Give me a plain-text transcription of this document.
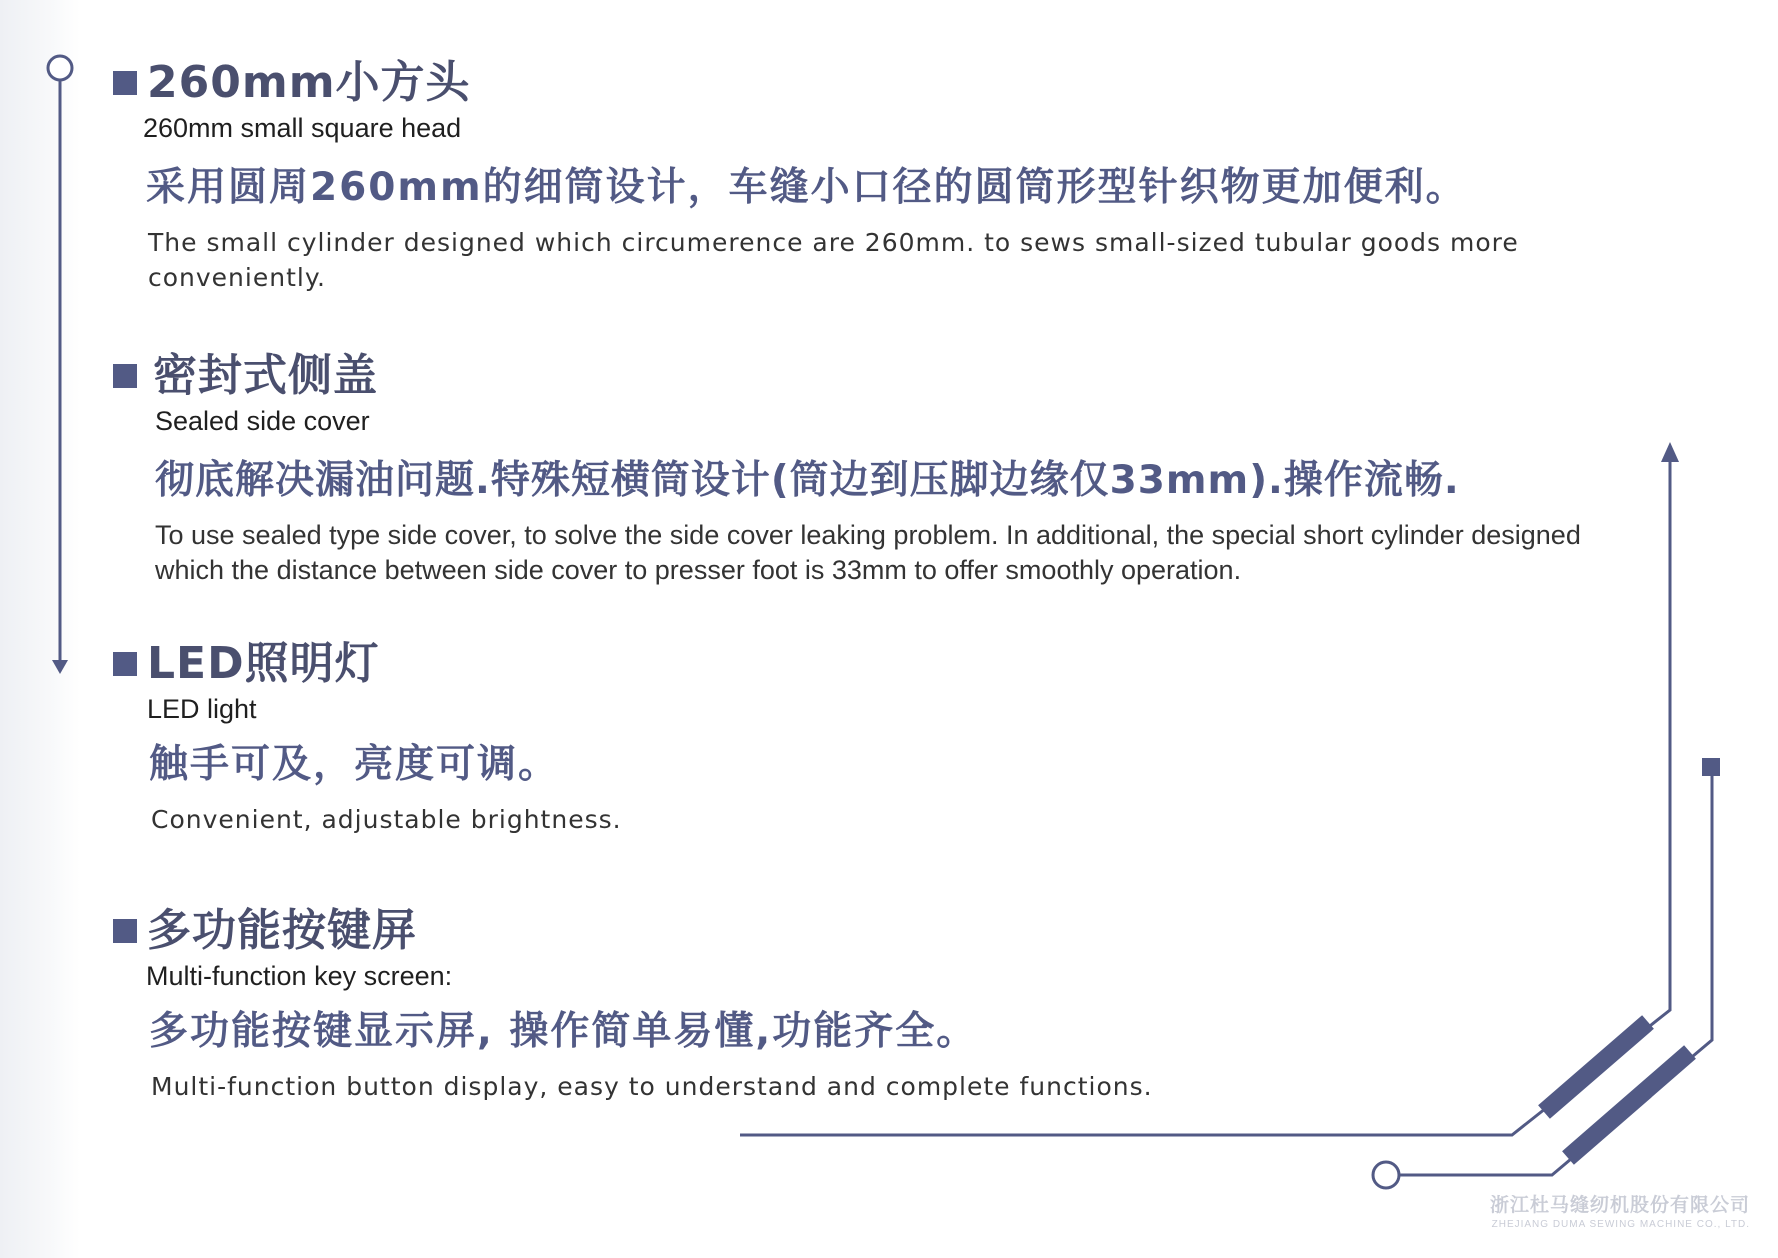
260mm小方头
260mm small square head
采用圆周260mm的细筒设计，车缝小口径的圆筒形型针织物更加便利。
The small cylinder designed which circumerence are 260mm. to sews small-sized tubular goods more conveniently.
密封式侧盖
Sealed side cover
彻底解决漏油问题.特殊短横筒设计(筒边到压脚边缘仅33mm).操作流畅.
To use sealed type side cover, to solve the side cover leaking problem. In additional, the special short cylinder designed which the distance between side cover to presser foot is 33mm to offer smoothly operation.
LED照明灯
LED light
触手可及，亮度可调。
Convenient, adjustable brightness.
多功能按键屏
Multi-function key screen:
多功能按键显示屏, 操作简单易懂,功能齐全。
Multi-function button display, easy to understand and complete functions.
浙江杜马缝纫机股份有限公司
ZHEJIANG DUMA SEWING MACHINE CO., LTD.
